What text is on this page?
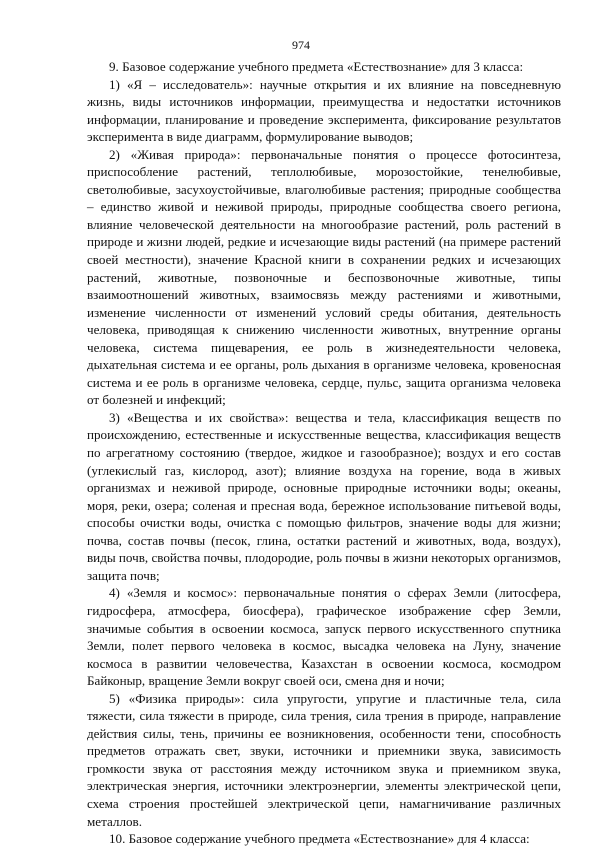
974

9. Базовое содержание учебного предмета «Естествознание» для 3 класса:

1) «Я – исследователь»: научные открытия и их влияние на повседневную жизнь, виды источников информации, преимущества и недостатки источников информации, планирование и проведение эксперимента, фиксирование результатов эксперимента в виде диаграмм, формулирование выводов;

2) «Живая природа»: первоначальные понятия о процессе фотосинтеза, приспособление растений, теплолюбивые, морозостойкие, тенелюбивые, светолюбивые, засухоустойчивые, влаголюбивые растения; природные сообщества – единство живой и неживой природы, природные сообщества своего региона, влияние человеческой деятельности на многообразие растений, роль растений в природе и жизни людей, редкие и исчезающие виды растений (на примере растений своей местности), значение Красной книги в сохранении редких и исчезающих растений, животные, позвоночные и беспозвоночные животные, типы взаимоотношений животных, взаимосвязь между растениями и животными, изменение численности от изменений условий среды обитания, деятельность человека, приводящая к снижению численности животных, внутренние органы человека, система пищеварения, ее роль в жизнедеятельности человека, дыхательная система и ее органы, роль дыхания в организме человека, кровеносная система и ее роль в организме человека, сердце, пульс, защита организма человека от болезней и инфекций;

3) «Вещества и их свойства»: вещества и тела, классификация веществ по происхождению, естественные и искусственные вещества, классификация веществ по агрегатному состоянию (твердое, жидкое и газообразное); воздух и его состав (углекислый газ, кислород, азот); влияние воздуха на горение, вода в живых организмах и неживой природе, основные природные источники воды; океаны, моря, реки, озера; соленая и пресная вода, бережное использование питьевой воды, способы очистки воды, очистка с помощью фильтров, значение воды для жизни; почва, состав почвы (песок, глина, остатки растений и животных, вода, воздух), виды почв, свойства почвы, плодородие, роль почвы в жизни некоторых организмов, защита почв;

4) «Земля и космос»: первоначальные понятия о сферах Земли (литосфера, гидросфера, атмосфера, биосфера), графическое изображение сфер Земли, значимые события в освоении космоса, запуск первого искусственного спутника Земли, полет первого человека в космос, высадка человека на Луну, значение космоса в развитии человечества, Казахстан в освоении космоса, космодром Байконыр, вращение Земли вокруг своей оси, смена дня и ночи;

5) «Физика природы»: сила упругости, упругие и пластичные тела, сила тяжести, сила тяжести в природе, сила трения, сила трения в природе, направление действия силы, тень, причины ее возникновения, особенности тени, способность предметов отражать свет, звуки, источники и приемники звука, зависимость громкости звука от расстояния между источником звука и приемником звука, электрическая энергия, источники электроэнергии, элементы электрической цепи, схема строения простейшей электрической цепи, намагничивание различных металлов.

10. Базовое содержание учебного предмета «Естествознание» для 4 класса:
